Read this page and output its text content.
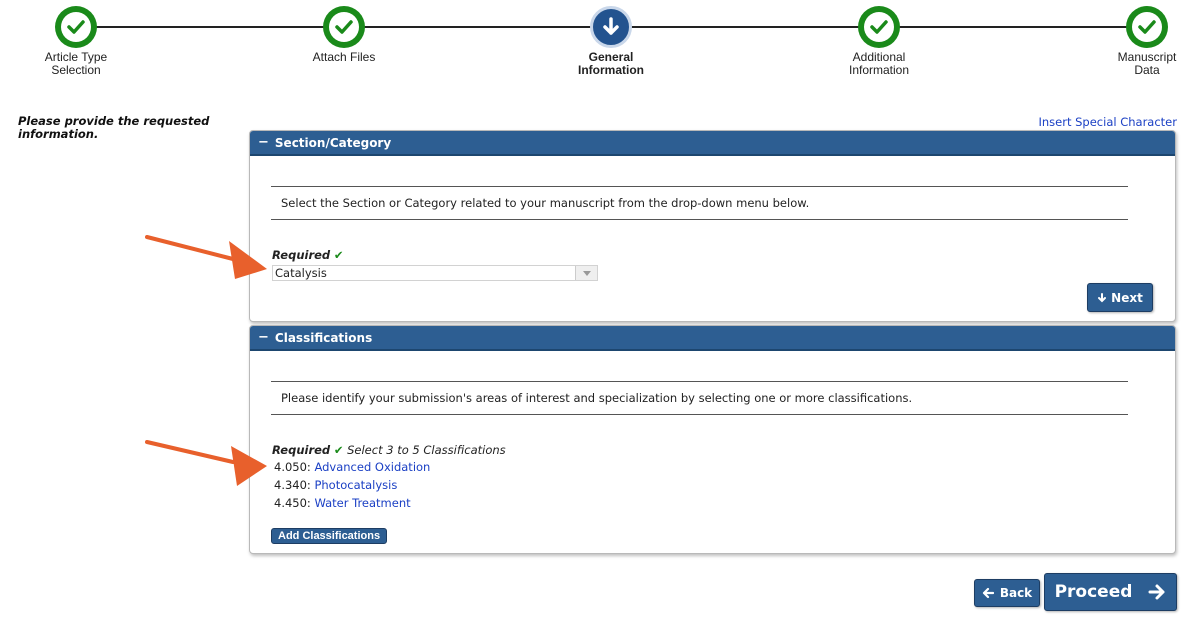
Article Type
Selection
Attach Files	General
Information
Additional
Information
Manuscript
Data
Please provide the requested
information.
Insert Special Character
− Section/Category
Select the Section or Category related to your manuscript from the drop-down menu below.
Required ✔
Catalysis
Next
− Classifications
Please identify your submission's areas of interest and specialization by selecting one or more classifications.
Required ✔ Select 3 to 5 Classifications
4.050: Advanced Oxidation
4.340: Photocatalysis
4.450: Water Treatment
Add Classifications
Back Proceed
